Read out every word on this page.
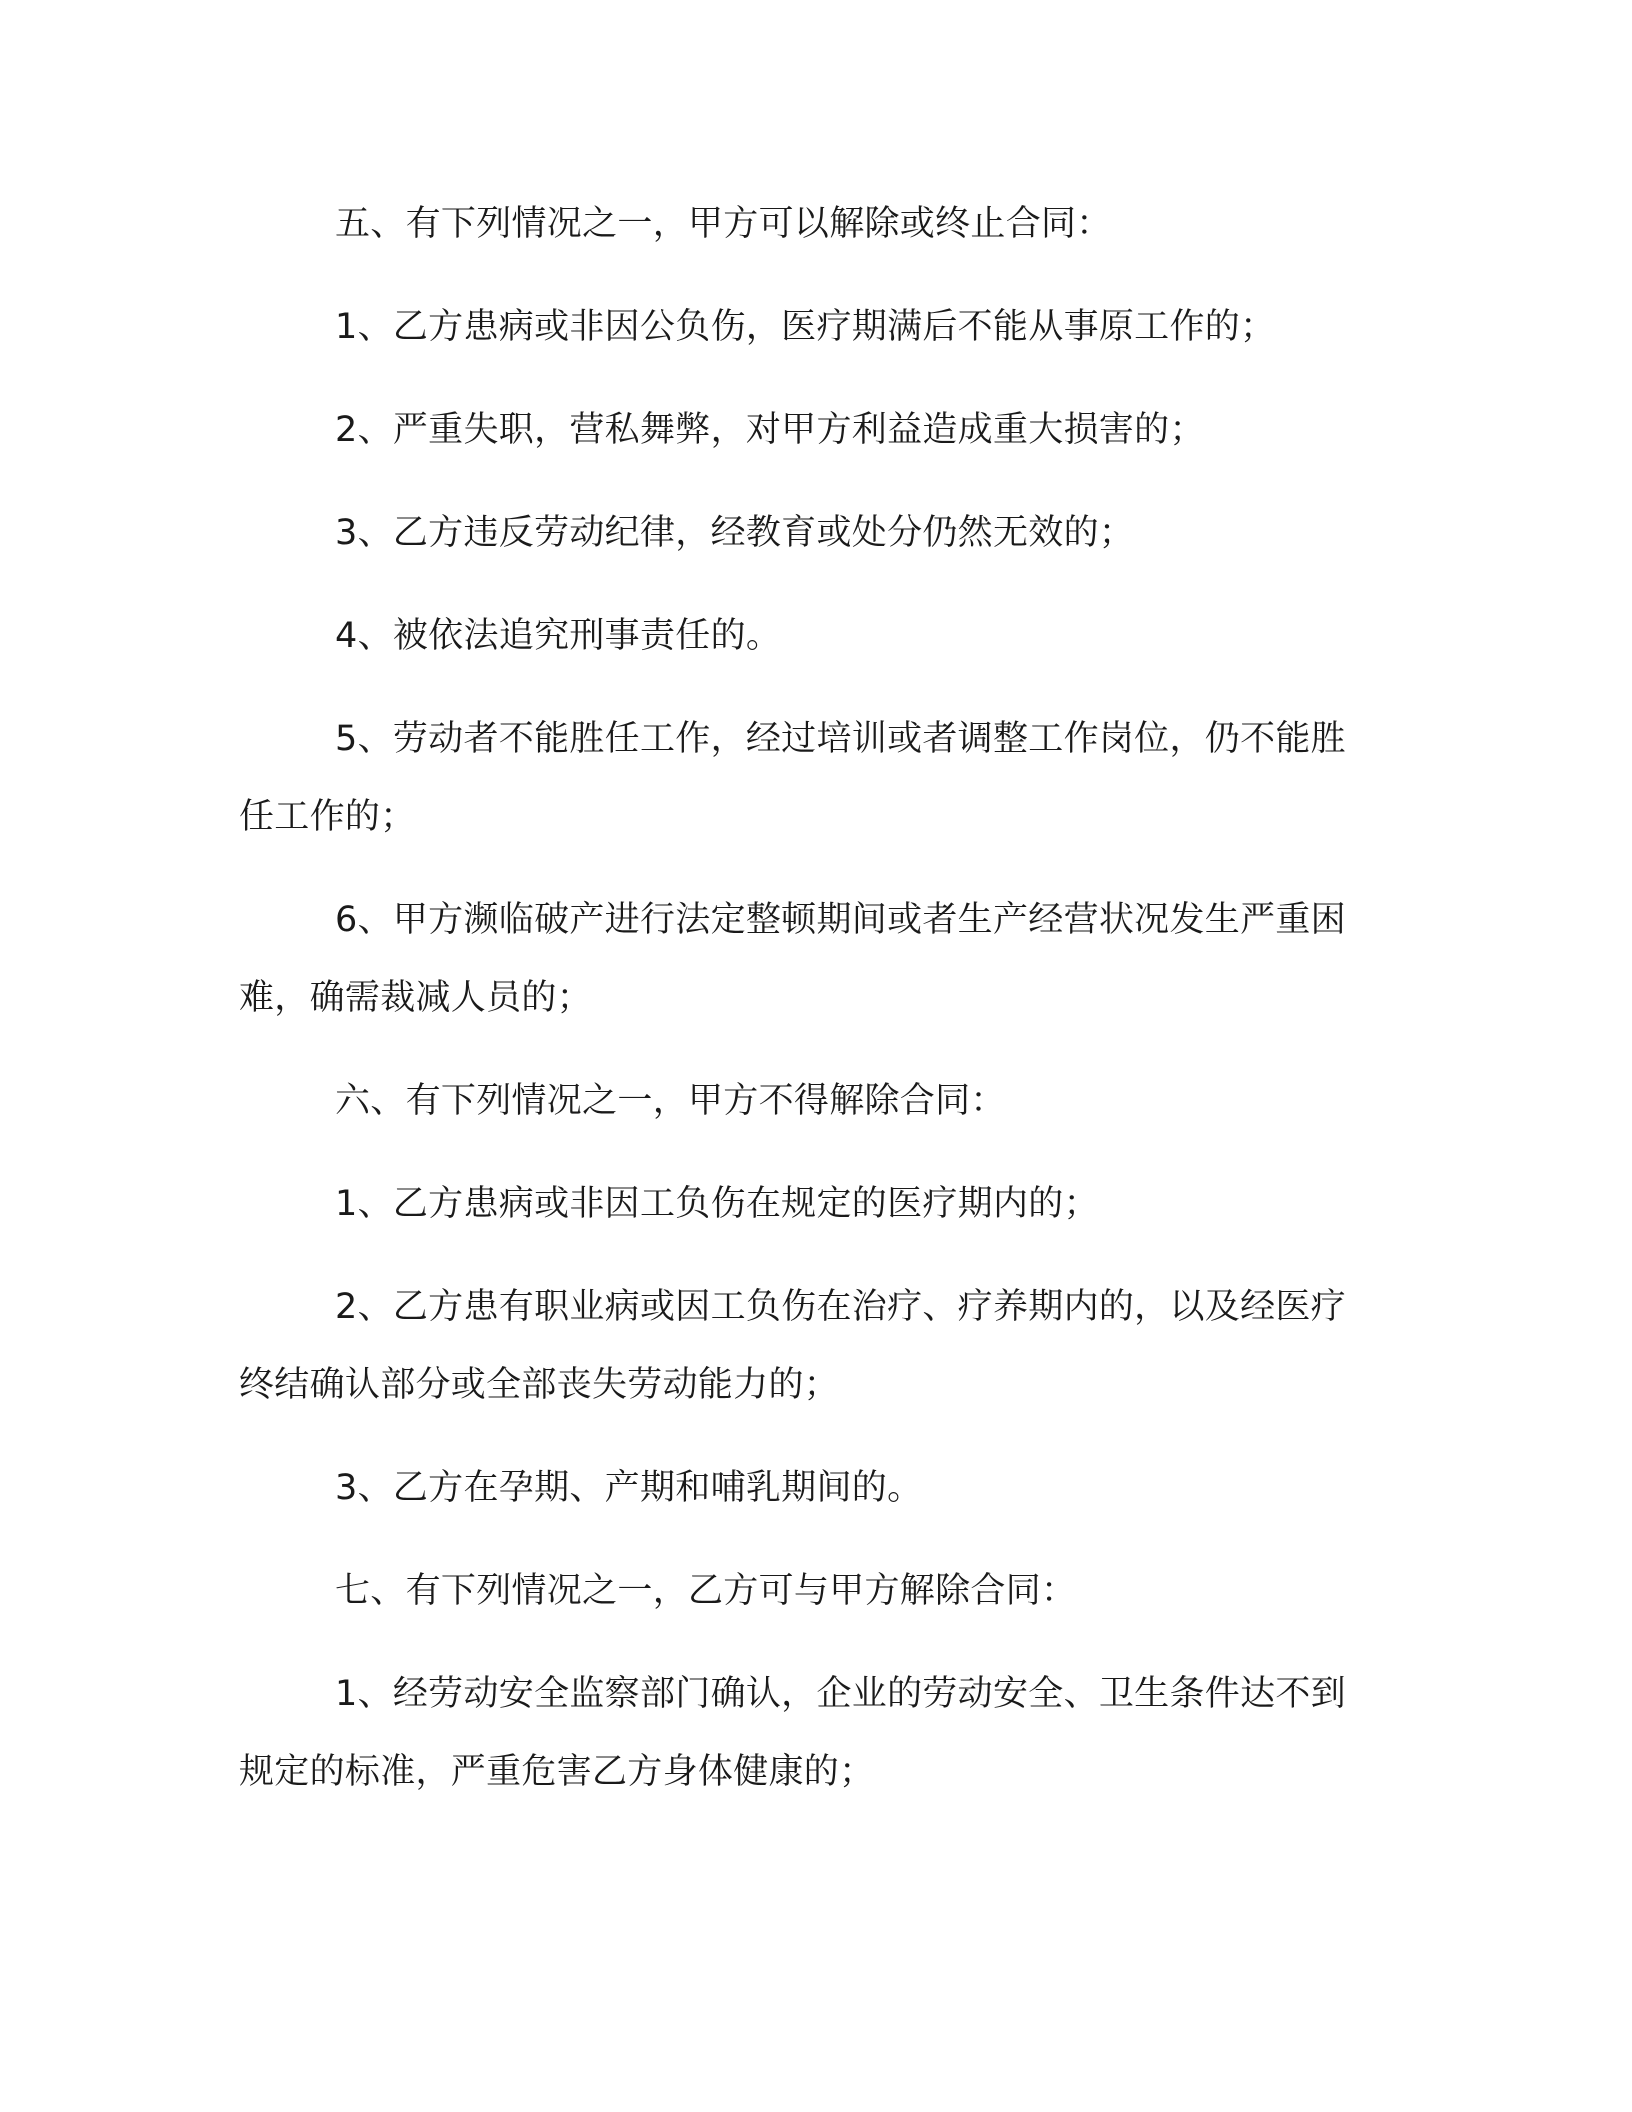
五、有下列情况之一，甲方可以解除或终止合同：

1、乙方患病或非因公负伤，医疗期满后不能从事原工作的；

2、严重失职，营私舞弊，对甲方利益造成重大损害的；

3、乙方违反劳动纪律，经教育或处分仍然无效的；

4、被依法追究刑事责任的。

5、劳动者不能胜任工作，经过培训或者调整工作岗位，仍不能胜任工作的；

6、甲方濒临破产进行法定整顿期间或者生产经营状况发生严重困难，确需裁减人员的；

六、有下列情况之一，甲方不得解除合同：

1、乙方患病或非因工负伤在规定的医疗期内的；

2、乙方患有职业病或因工负伤在治疗、疗养期内的，以及经医疗终结确认部分或全部丧失劳动能力的；

3、乙方在孕期、产期和哺乳期间的。

七、有下列情况之一，乙方可与甲方解除合同：

1、经劳动安全监察部门确认，企业的劳动安全、卫生条件达不到规定的标准，严重危害乙方身体健康的；
